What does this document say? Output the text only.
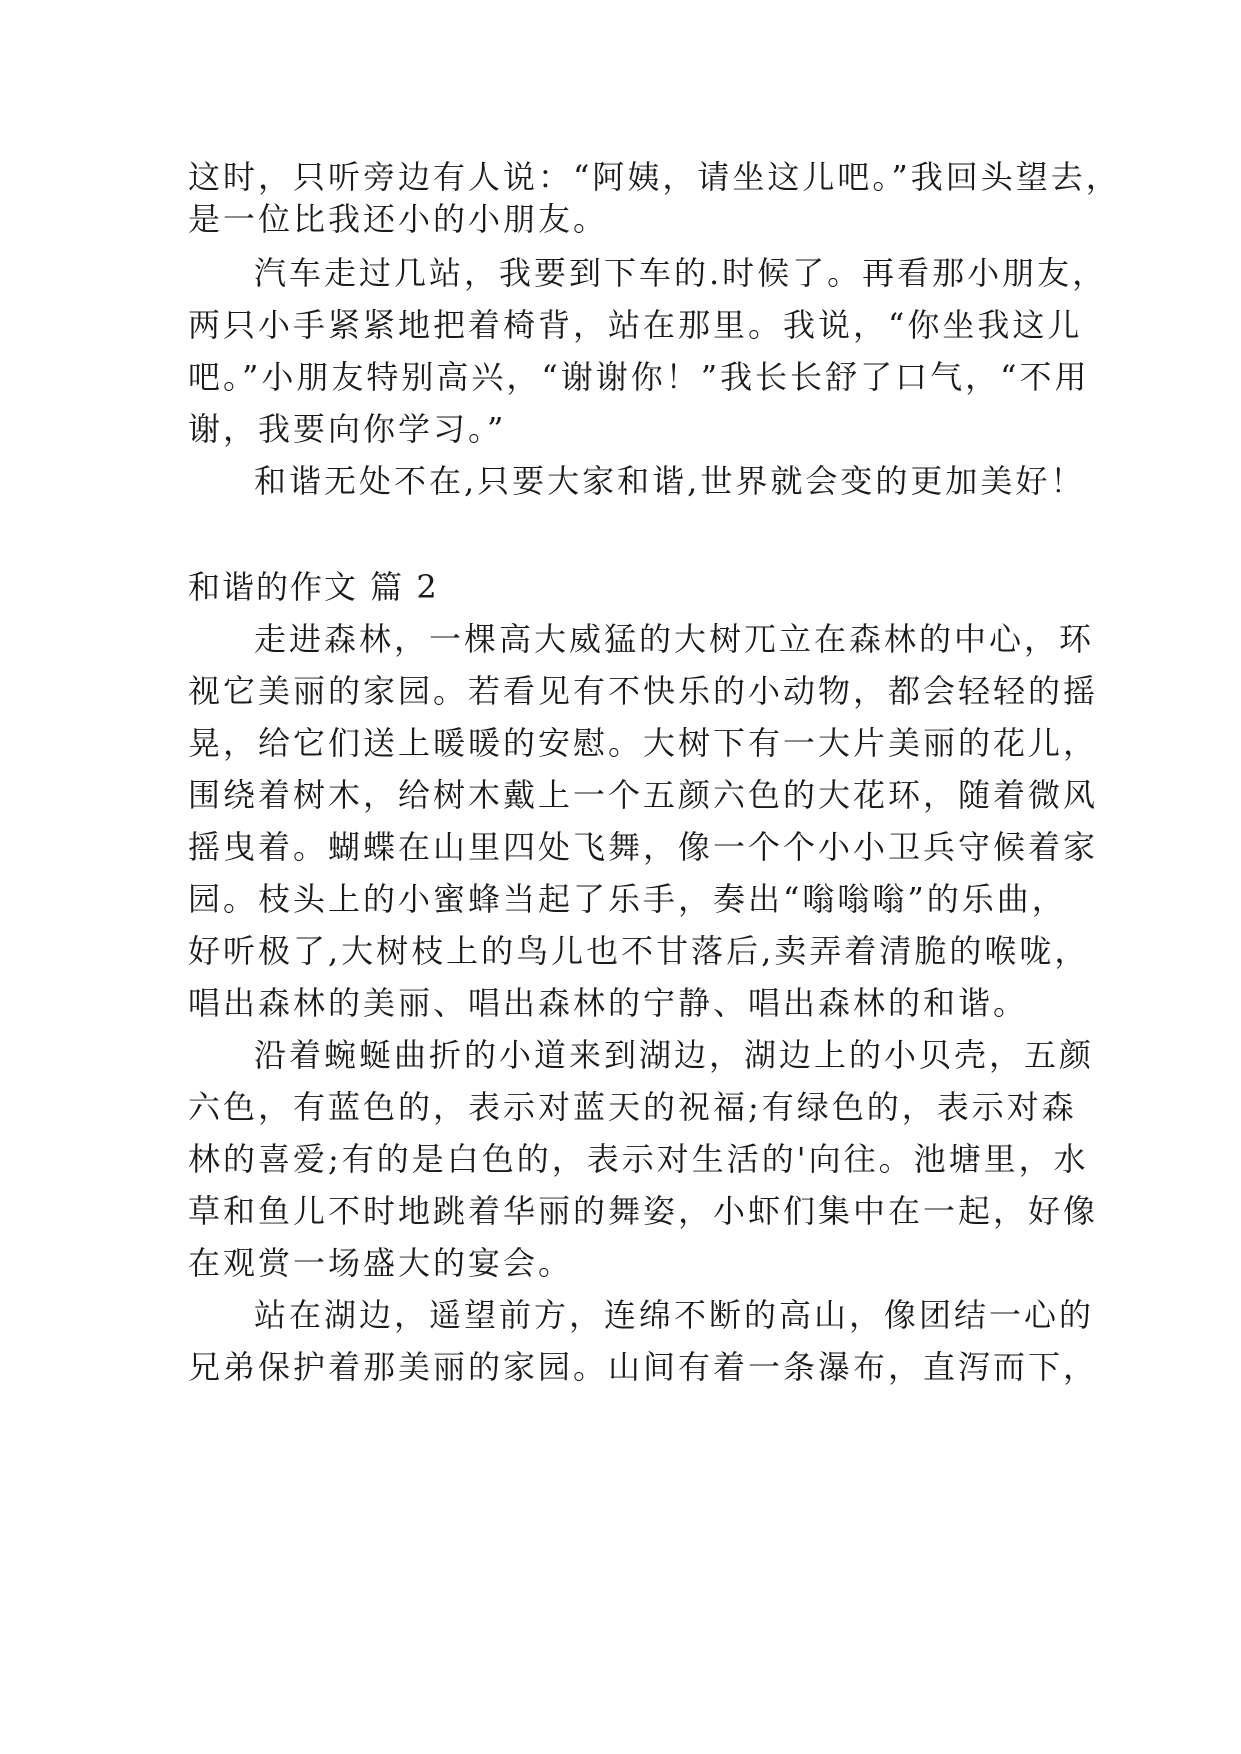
这时，只听旁边有人说：“阿姨，请坐这儿吧。”我回头望去，
是一位比我还小的小朋友。
汽车走过几站，我要到下车的.时候了。再看那小朋友，
两只小手紧紧地把着椅背，站在那里。我说，“你坐我这儿
吧。”小朋友特别高兴，“谢谢你！”我长长舒了口气，“不用
谢，我要向你学习。”
和谐无处不在,只要大家和谐,世界就会变的更加美好！
和谐的作文 篇 2
走进森林，一棵高大威猛的大树兀立在森林的中心，环
视它美丽的家园。若看见有不快乐的小动物，都会轻轻的摇
晃，给它们送上暖暖的安慰。大树下有一大片美丽的花儿，
围绕着树木，给树木戴上一个五颜六色的大花环，随着微风
摇曳着。蝴蝶在山里四处飞舞，像一个个小小卫兵守候着家
园。枝头上的小蜜蜂当起了乐手，奏出“嗡嗡嗡”的乐曲，
好听极了,大树枝上的鸟儿也不甘落后,卖弄着清脆的喉咙，
唱出森林的美丽、唱出森林的宁静、唱出森林的和谐。
沿着蜿蜒曲折的小道来到湖边，湖边上的小贝壳，五颜
六色，有蓝色的，表示对蓝天的祝福;有绿色的，表示对森
林的喜爱;有的是白色的，表示对生活的'向往。池塘里，水
草和鱼儿不时地跳着华丽的舞姿，小虾们集中在一起，好像
在观赏一场盛大的宴会。
站在湖边，遥望前方，连绵不断的高山，像团结一心的
兄弟保护着那美丽的家园。山间有着一条瀑布，直泻而下，
